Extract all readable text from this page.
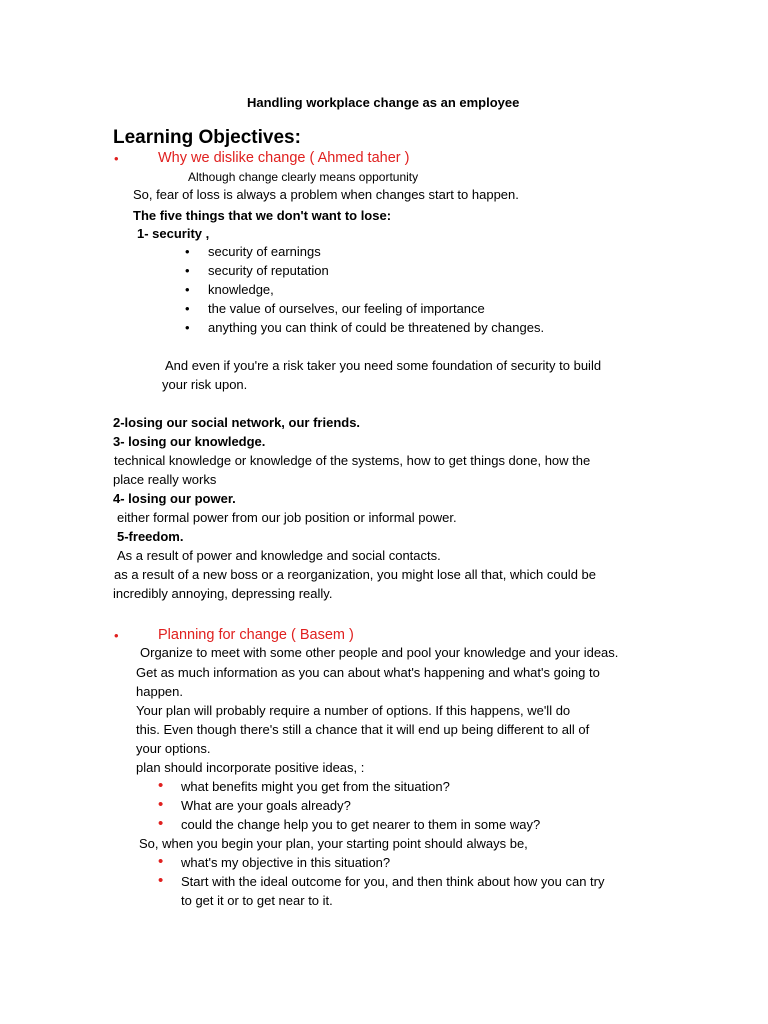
Handling workplace change as an employee
Learning Objectives:
•	Why we dislike change ( Ahmed taher )
Although change clearly means opportunity
So, fear of loss is always a problem when changes start to happen.
The five things that we don't want to lose:
1- security ,
• security of earnings
• security of reputation
• knowledge,
• the value of ourselves, our feeling of importance
• anything you can think of could be threatened by changes.
And even if you're a risk taker you need some foundation of security to build
your risk upon.
2-losing our social network, our friends.
3- losing our knowledge.
technical knowledge or knowledge of the systems, how to get things done, how the
place really works
4- losing our power.
either formal power from our job position or informal power.
5-freedom.
As a result of power and knowledge and social contacts.
as a result of a new boss or a reorganization, you might lose all that, which could be
incredibly annoying, depressing really.
•	Planning for change ( Basem )
Organize to meet with some other people and pool your knowledge and your ideas.
Get as much information as you can about what's happening and what's going to
happen.
Your plan will probably require a number of options. If this happens, we'll do
this. Even though there's still a chance that it will end up being different to all of
your options.
plan should incorporate positive ideas, :
• what benefits might you get from the situation?
• What are your goals already?
• could the change help you to get nearer to them in some way?
So, when you begin your plan, your starting point should always be,
• what's my objective in this situation?
• Start with the ideal outcome for you, and then think about how you can try
to get it or to get near to it.
